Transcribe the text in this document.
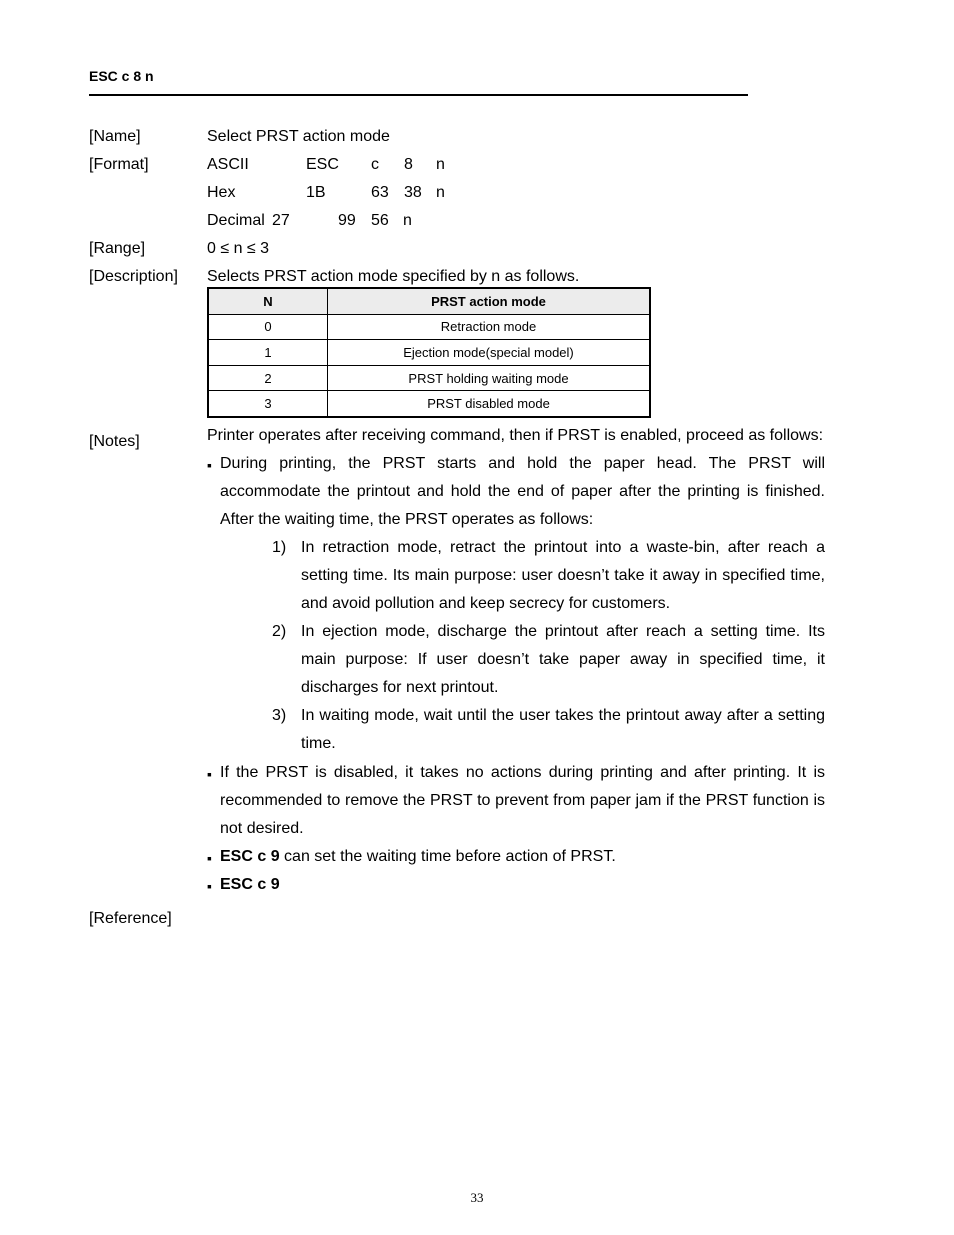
ESC c 8 n
[Name]	Select PRST action mode
[Format]	ASCII	ESC c 8 n
Hex	1B	63 38 n
Decimal 27	99 56 n
[Range]	0 ≤ n ≤ 3
[Description] Selects PRST action mode specified by n as follows.
N	PRST action mode
0	Retraction mode
1	Ejection mode(special model)
2	PRST holding waiting mode
3	PRST disabled mode
[Notes]	Printer operates after receiving command, then if PRST is enabled, proceed as follows:
▪ During printing, the PRST starts and hold the paper head. The PRST will accommodate the printout and hold the end of paper after the printing is finished. After the waiting time, the PRST operates as follows:
1) In retraction mode, retract the printout into a waste-bin, after reach a setting time. Its main purpose: user doesn’t take it away in specified time, and avoid pollution and keep secrecy for customers.
2) In ejection mode, discharge the printout after reach a setting time. Its main purpose: If user doesn’t take paper away in specified time, it discharges for next printout.
3) In waiting mode, wait until the user takes the printout away after a setting time.
▪ If the PRST is disabled, it takes no actions during printing and after printing. It is recommended to remove the PRST to prevent from paper jam if the PRST function is not desired.
▪ ESC c 9 can set the waiting time before action of PRST.
▪ ESC c 9
[Reference]
33
